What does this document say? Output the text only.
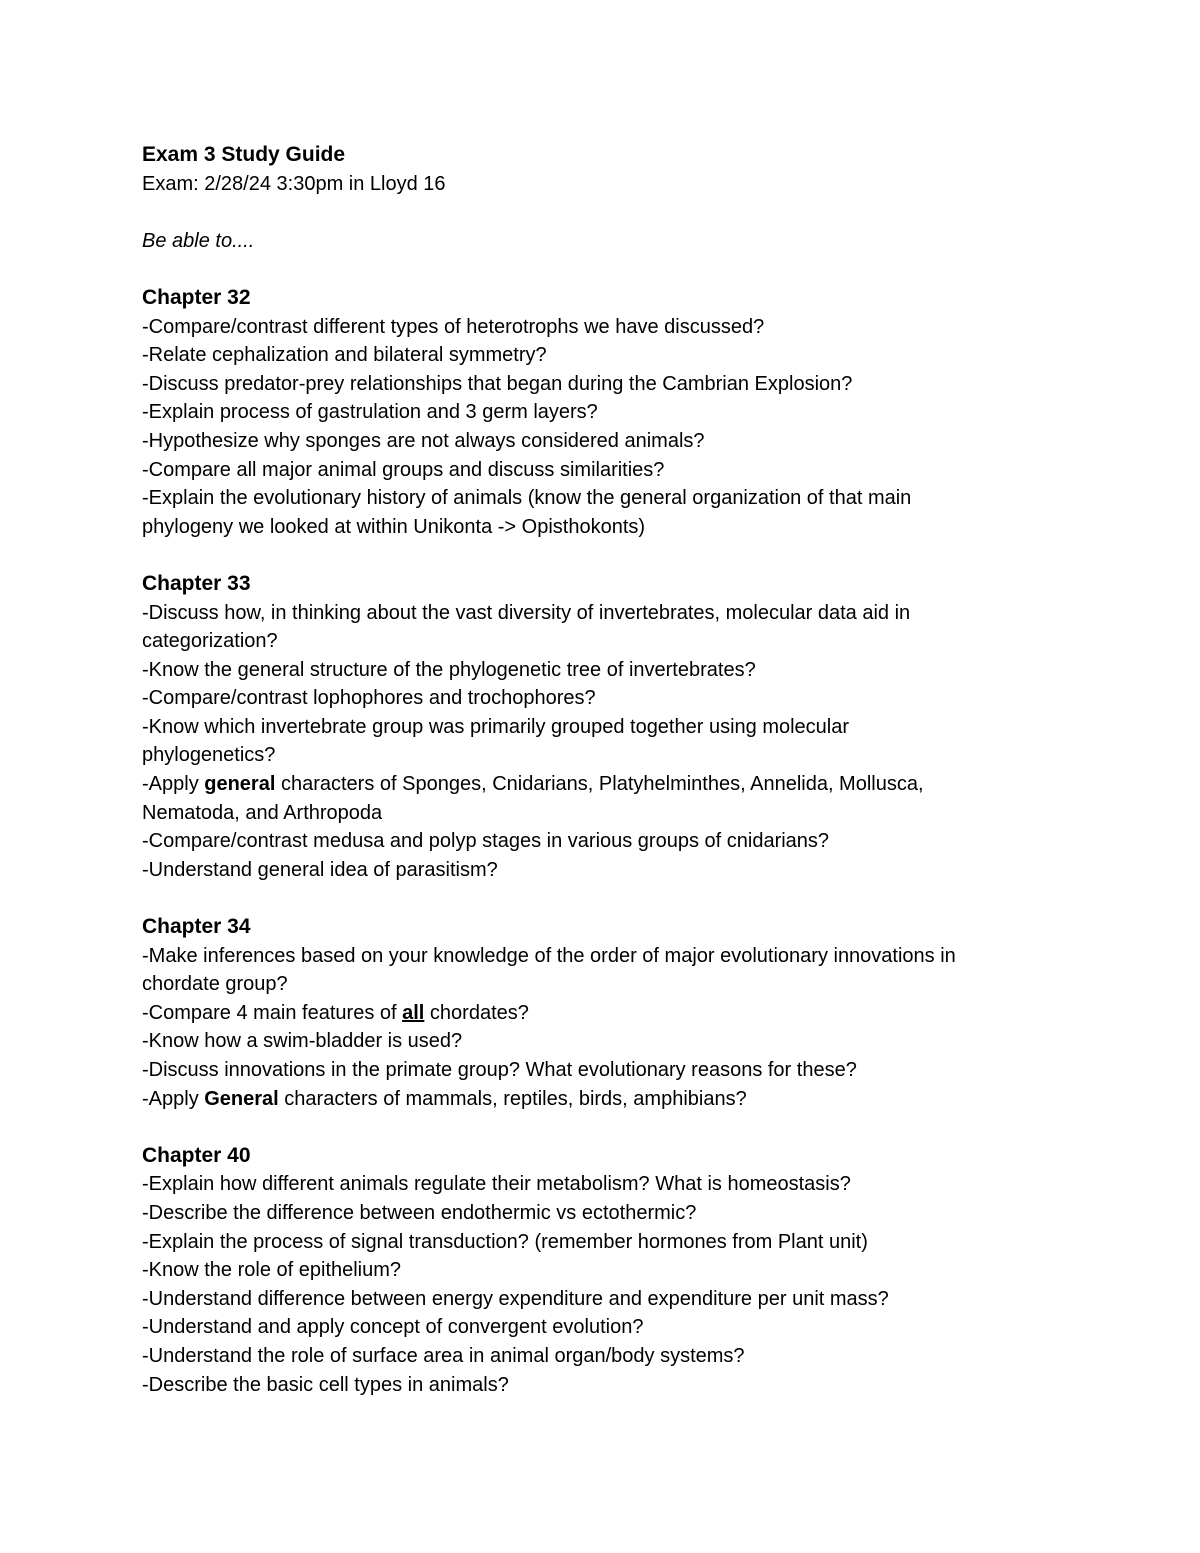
Exam 3 Study Guide
Exam: 2/28/24 3:30pm in Lloyd 16
Be able to....
Chapter 32
-Compare/contrast different types of heterotrophs we have discussed?
-Relate cephalization and bilateral symmetry?
-Discuss predator-prey relationships that began during the Cambrian Explosion?
-Explain process of gastrulation and 3 germ layers?
-Hypothesize why sponges are not always considered animals?
-Compare all major animal groups and discuss similarities?
-Explain the evolutionary history of animals (know the general organization of that main
phylogeny we looked at within Unikonta -> Opisthokonts)
Chapter 33
-Discuss how, in thinking about the vast diversity of invertebrates, molecular data aid in
categorization?
-Know the general structure of the phylogenetic tree of invertebrates?
-Compare/contrast lophophores and trochophores?
-Know which invertebrate group was primarily grouped together using molecular
phylogenetics?
-Apply general characters of Sponges, Cnidarians, Platyhelminthes, Annelida, Mollusca,
Nematoda, and Arthropoda
-Compare/contrast medusa and polyp stages in various groups of cnidarians?
-Understand general idea of parasitism?
Chapter 34
-Make inferences based on your knowledge of the order of major evolutionary innovations in
chordate group?
-Compare 4 main features of all chordates?
-Know how a swim-bladder is used?
-Discuss innovations in the primate group? What evolutionary reasons for these?
-Apply General characters of mammals, reptiles, birds, amphibians?
Chapter 40
-Explain how different animals regulate their metabolism? What is homeostasis?
-Describe the difference between endothermic vs ectothermic?
-Explain the process of signal transduction? (remember hormones from Plant unit)
-Know the role of epithelium?
-Understand difference between energy expenditure and expenditure per unit mass?
-Understand and apply concept of convergent evolution?
-Understand the role of surface area in animal organ/body systems?
-Describe the basic cell types in animals?
